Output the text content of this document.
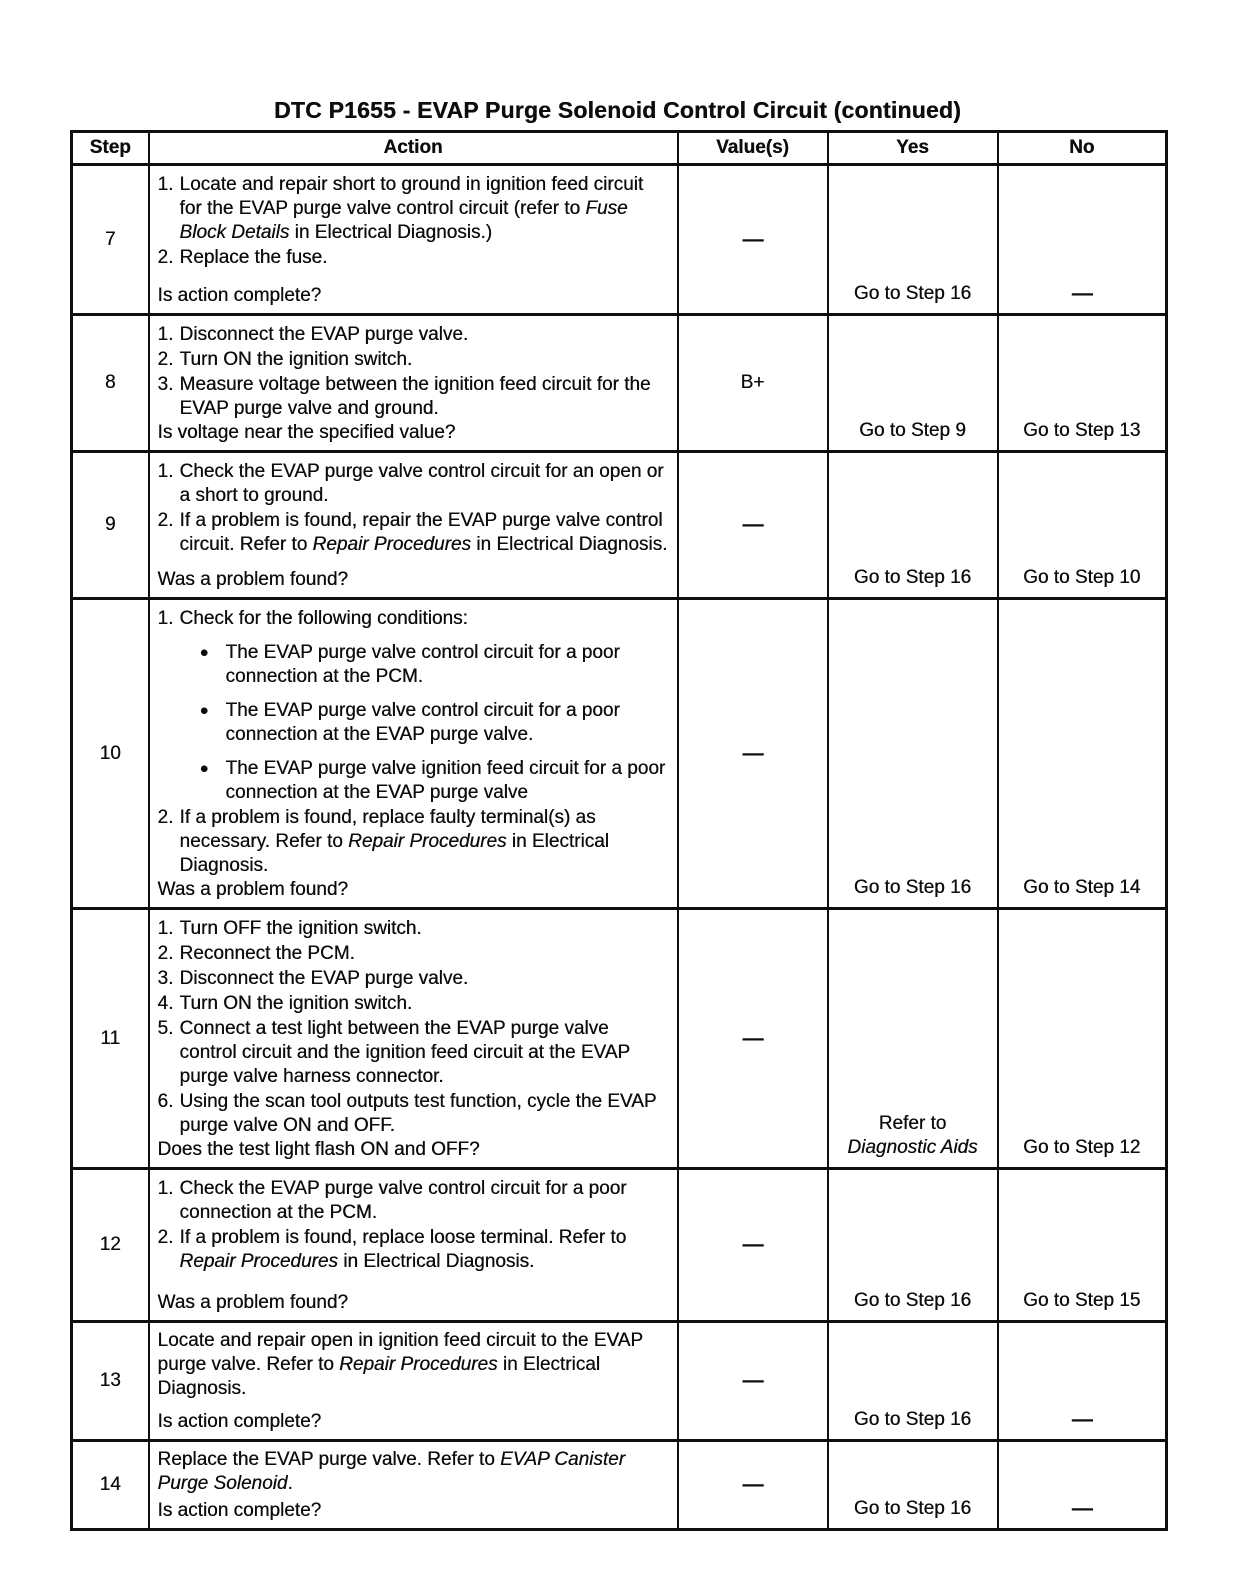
DTC P1655 - EVAP Purge Solenoid Control Circuit (continued)
Step	Action	Value(s)	Yes	No
7	1. Locate and repair short to ground in ignition feed circuit for the EVAP purge valve control circuit (refer to Fuse Block Details in Electrical Diagnosis.)
2. Replace the fuse.
Is action complete?	—	Go to Step 16	—
8	
1. Disconnect the EVAP purge valve.
2. Turn ON the ignition switch.
3. Measure voltage between the ignition feed circuit for the EVAP purge valve and ground.
Is voltage near the specified value?
	B+	Go to Step 9	Go to Step 13
9	1. Check the EVAP purge valve control circuit for an open or a short to ground.
2. If a problem is found, repair the EVAP purge valve control circuit. Refer to Repair Procedures in Electrical Diagnosis.
Was a problem found?	—	Go to Step 16	Go to Step 10
10	
1. Check for the following conditions:
● The EVAP purge valve control circuit for a poor connection at the PCM.
● The EVAP purge valve control circuit for a poor connection at the EVAP purge valve.
● The EVAP purge valve ignition feed circuit for a poor connection at the EVAP purge valve
2. If a problem is found, replace faulty terminal(s) as necessary. Refer to Repair Procedures in Electrical Diagnosis.
Was a problem found?
	—	Go to Step 16	Go to Step 14
11	
1. Turn OFF the ignition switch.
2. Reconnect the PCM.
3. Disconnect the EVAP purge valve.
4. Turn ON the ignition switch.
5. Connect a test light between the EVAP purge valve control circuit and the ignition feed circuit at the EVAP purge valve harness connector.
6. Using the scan tool outputs test function, cycle the EVAP purge valve ON and OFF.
Does the test light flash ON and OFF?
	—	Refer to Diagnostic Aids	Go to Step 12
12	1. Check the EVAP purge valve control circuit for a poor connection at the PCM.
2. If a problem is found, replace loose terminal. Refer to Repair Procedures in Electrical Diagnosis.
Was a problem found?	—	Go to Step 16	Go to Step 15
13	Locate and repair open in ignition feed circuit to the EVAP purge valve. Refer to Repair Procedures in Electrical Diagnosis.
Is action complete?	—	Go to Step 16	—
14	Replace the EVAP purge valve. Refer to EVAP Canister Purge Solenoid.
Is action complete?	—	Go to Step 16	—
